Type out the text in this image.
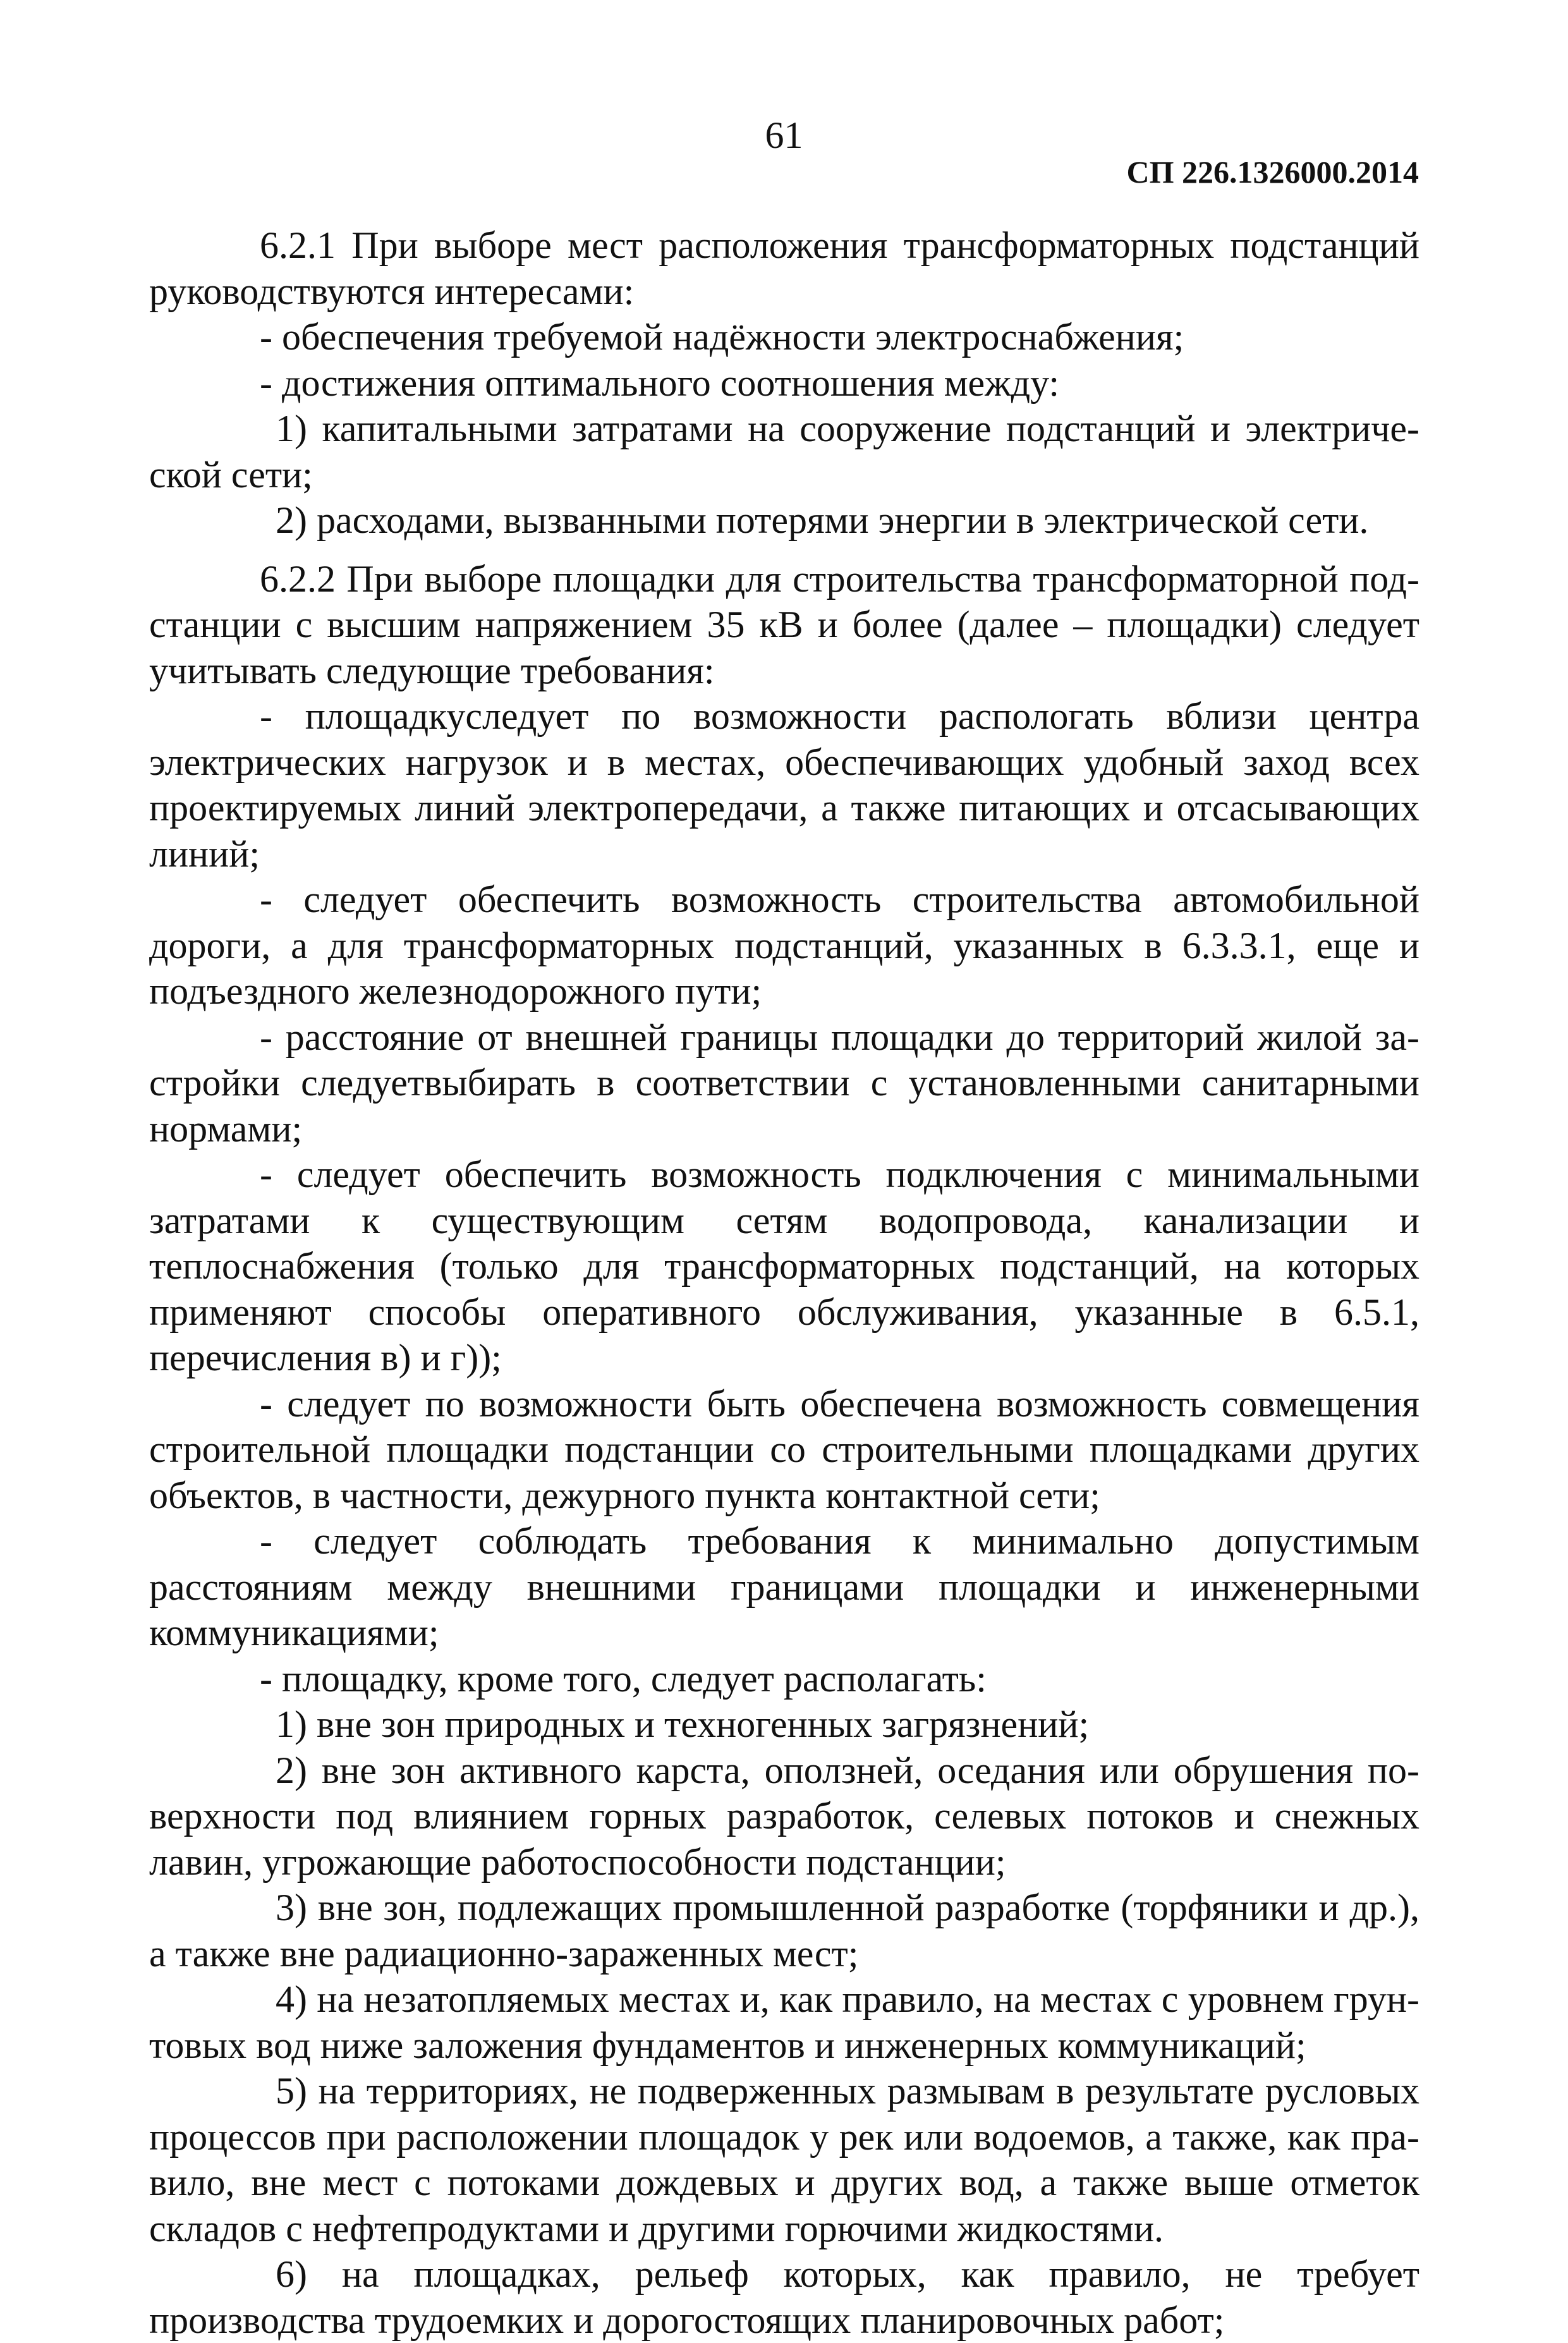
61
СП 226.1326000.2014

6.2.1 При выборе мест расположения трансформаторных подстанций руководствуются интересами:

- обеспечения требуемой надёжности электроснабжения;

- достижения оптимального соотношения между:

1) капитальными затратами на сооружение подстанций и электрической сети;

2) расходами, вызванными потерями энергии в электрической сети.

6.2.2 При выборе площадки для строительства трансформаторной подстанции с высшим напряжением 35 кВ и более (далее – площадки) следует учитывать следующие требования:

- площадкуследует по возможности распологать вблизи центра электрических нагрузок и в местах, обеспечивающих удобный заход всех проектируемых линий электропередачи, а также питающих и отсасывающих линий;

- следует обеспечить возможность строительства автомобильной дороги, а для трансформаторных подстанций, указанных в 6.3.3.1, еще и подъездного железнодорожного пути;

- расстояние от внешней границы площадки до территорий жилой застройки следуетвыбирать в соответствии с установленными санитарными нормами;

- следует обеспечить возможность подключения с минимальными затратами к существующим сетям водопровода, канализации и теплоснабжения (только для трансформаторных подстанций, на которых применяют способы оперативного обслуживания, указанные в 6.5.1, перечисления в) и г));

- следует по возможности быть обеспечена возможность совмещения строительной площадки подстанции со строительными площадками других объектов, в частности, дежурного пункта контактной сети;

- следует соблюдать требования к минимально допустимым расстояниям между внешними границами площадки и инженерными коммуникациями;

- площадку, кроме того, следует располагать:

1) вне зон природных и техногенных загрязнений;

2) вне зон активного карста, оползней, оседания или обрушения поверхности под влиянием горных разработок, селевых потоков и снежных лавин, угрожающие работоспособности подстанции;

3) вне зон, подлежащих промышленной разработке (торфяники и др.), а также вне радиационно-зараженных мест;

4) на незатопляемых местах и, как правило, на местах с уровнем грунтовых вод ниже заложения фундаментов и инженерных коммуникаций;

5) на территориях, не подверженных размывам в результате русловых процессов при расположении площадок у рек или водоемов, а также, как правило, вне мест с потоками дождевых и других вод, а также выше отметок складов с нефтепродуктами и другими горючими жидкостями.

6) на площадках, рельеф которых, как правило, не требует производства трудоемких и дорогостоящих планировочных работ;
